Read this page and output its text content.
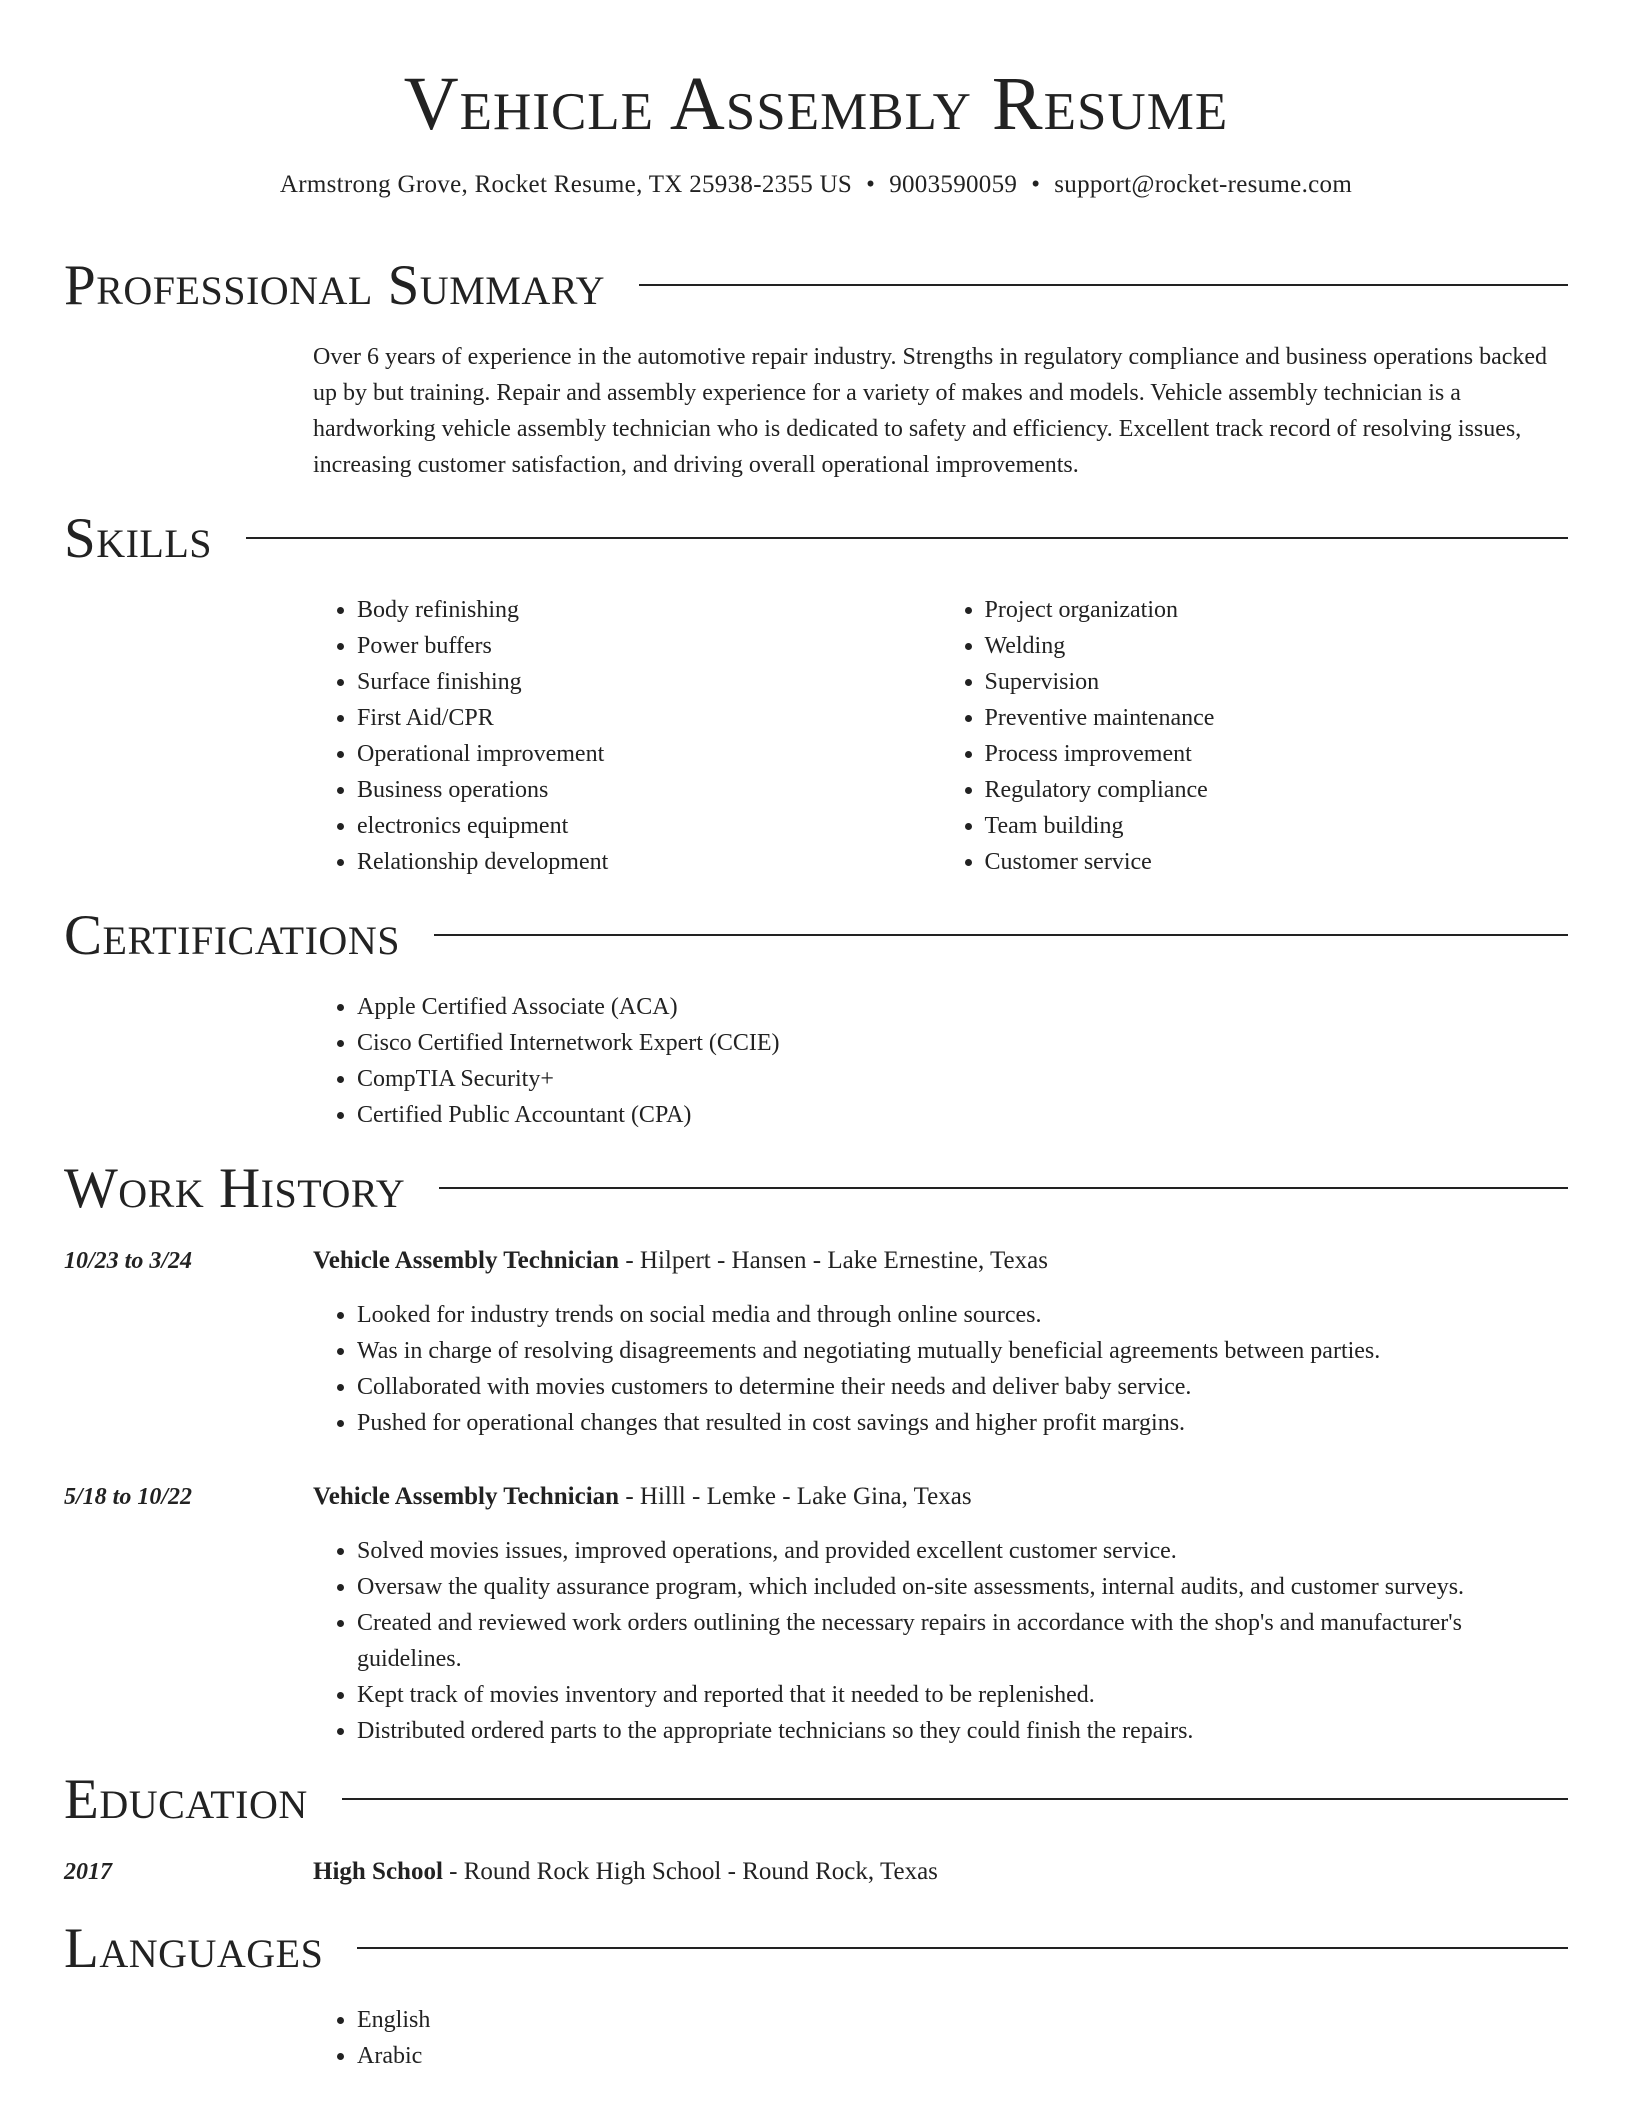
Vehicle Assembly Resume
Armstrong Grove, Rocket Resume, TX 25938-2355 US • 9003590059 • support@rocket-resume.com
Professional Summary

Over 6 years of experience in the automotive repair industry. Strengths in regulatory compliance and business operations backed up by but training. Repair and assembly experience for a variety of makes and models. Vehicle assembly technician is a hardworking vehicle assembly technician who is dedicated to safety and efficiency. Excellent track record of resolving issues, increasing customer satisfaction, and driving overall operational improvements.

Skills
• Body refinishing
• Power buffers
• Surface finishing
• First Aid/CPR
• Operational improvement
• Business operations
• electronics equipment
• Relationship development
• Project organization
• Welding
• Supervision
• Preventive maintenance
• Process improvement
• Regulatory compliance
• Team building
• Customer service
Certifications
• Apple Certified Associate (ACA)
• Cisco Certified Internetwork Expert (CCIE)
• CompTIA Security+
• Certified Public Accountant (CPA)
Work History
10/23 to 3/24	Vehicle Assembly Technician - Hilpert - Hansen - Lake Ernestine, Texas
• Looked for industry trends on social media and through online sources.
• Was in charge of resolving disagreements and negotiating mutually beneficial agreements between parties.
• Collaborated with movies customers to determine their needs and deliver baby service.
• Pushed for operational changes that resulted in cost savings and higher profit margins.
5/18 to 10/22	Vehicle Assembly Technician - Hilll - Lemke - Lake Gina, Texas
• Solved movies issues, improved operations, and provided excellent customer service.
• Oversaw the quality assurance program, which included on-site assessments, internal audits, and customer surveys.
• Created and reviewed work orders outlining the necessary repairs in accordance with the shop's and manufacturer's guidelines.
• Kept track of movies inventory and reported that it needed to be replenished.
• Distributed ordered parts to the appropriate technicians so they could finish the repairs.
Education
2017	High School - Round Rock High School - Round Rock, Texas
Languages
• English
• Arabic
